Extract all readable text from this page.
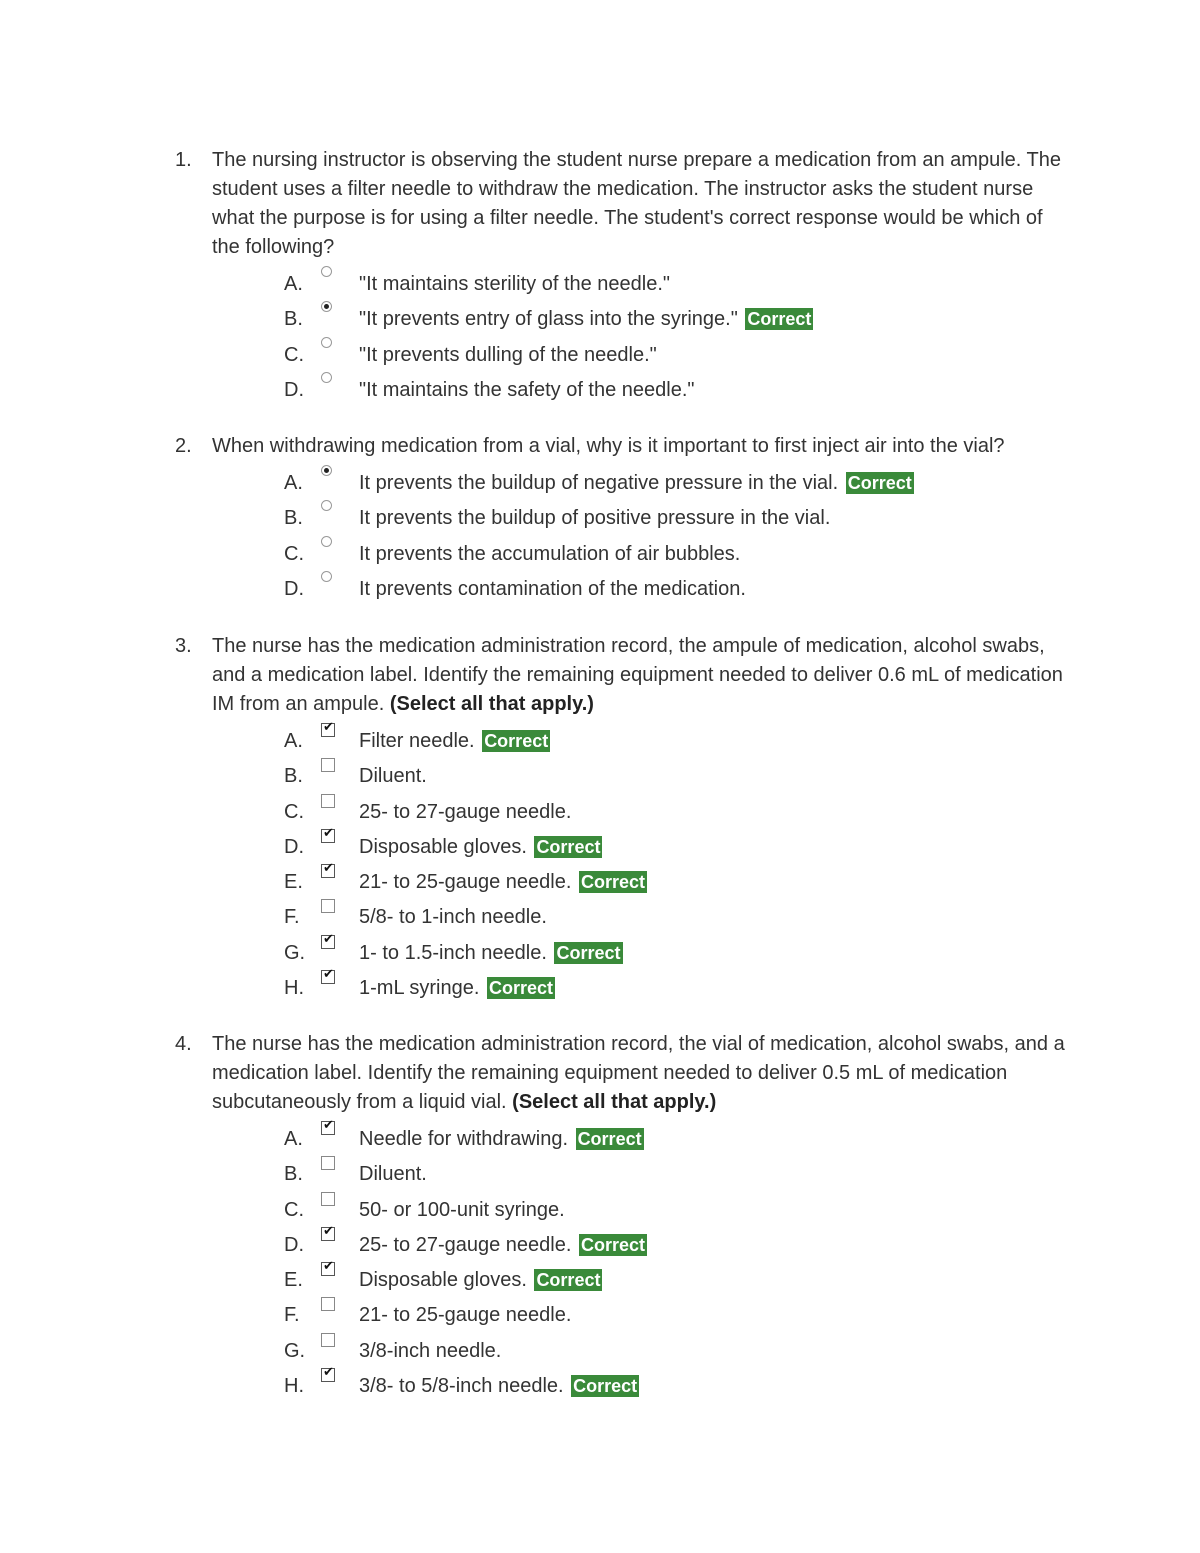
1.	The nursing instructor is observing the student nurse prepare a medication from an ampule. The student uses a filter needle to withdraw the medication. The instructor asks the student nurse what the purpose is for using a filter needle. The student's correct response would be which of the following?
A.	"It maintains sterility of the needle."
B.	"It prevents entry of glass into the syringe." Correct
C.	"It prevents dulling of the needle."
D.	"It maintains the safety of the needle."
2.	When withdrawing medication from a vial, why is it important to first inject air into the vial?
A.	It prevents the buildup of negative pressure in the vial. Correct
B.	It prevents the buildup of positive pressure in the vial.
C.	It prevents the accumulation of air bubbles.
D.	It prevents contamination of the medication.
3.	The nurse has the medication administration record, the ampule of medication, alcohol swabs, and a medication label. Identify the remaining equipment needed to deliver 0.6 mL of medication IM from an ampule. (Select all that apply.)
A.
✔
Filter needle. Correct
B.	Diluent.
C.	25- to 27-gauge needle.
D.
✔
Disposable gloves. Correct
E.
✔
21- to 25-gauge needle. Correct
F.	5/8- to 1-inch needle.
G.
✔
1- to 1.5-inch needle. Correct
H.
✔
1-mL syringe. Correct
4.	The nurse has the medication administration record, the vial of medication, alcohol swabs, and a medication label. Identify the remaining equipment needed to deliver 0.5 mL of medication subcutaneously from a liquid vial. (Select all that apply.)
A.
✔
Needle for withdrawing. Correct
B.	Diluent.
C.	50- or 100-unit syringe.
D.
✔
25- to 27-gauge needle. Correct
E.
✔
Disposable gloves. Correct
F.	21- to 25-gauge needle.
G.	3/8-inch needle.
H.
✔
3/8- to 5/8-inch needle. Correct
